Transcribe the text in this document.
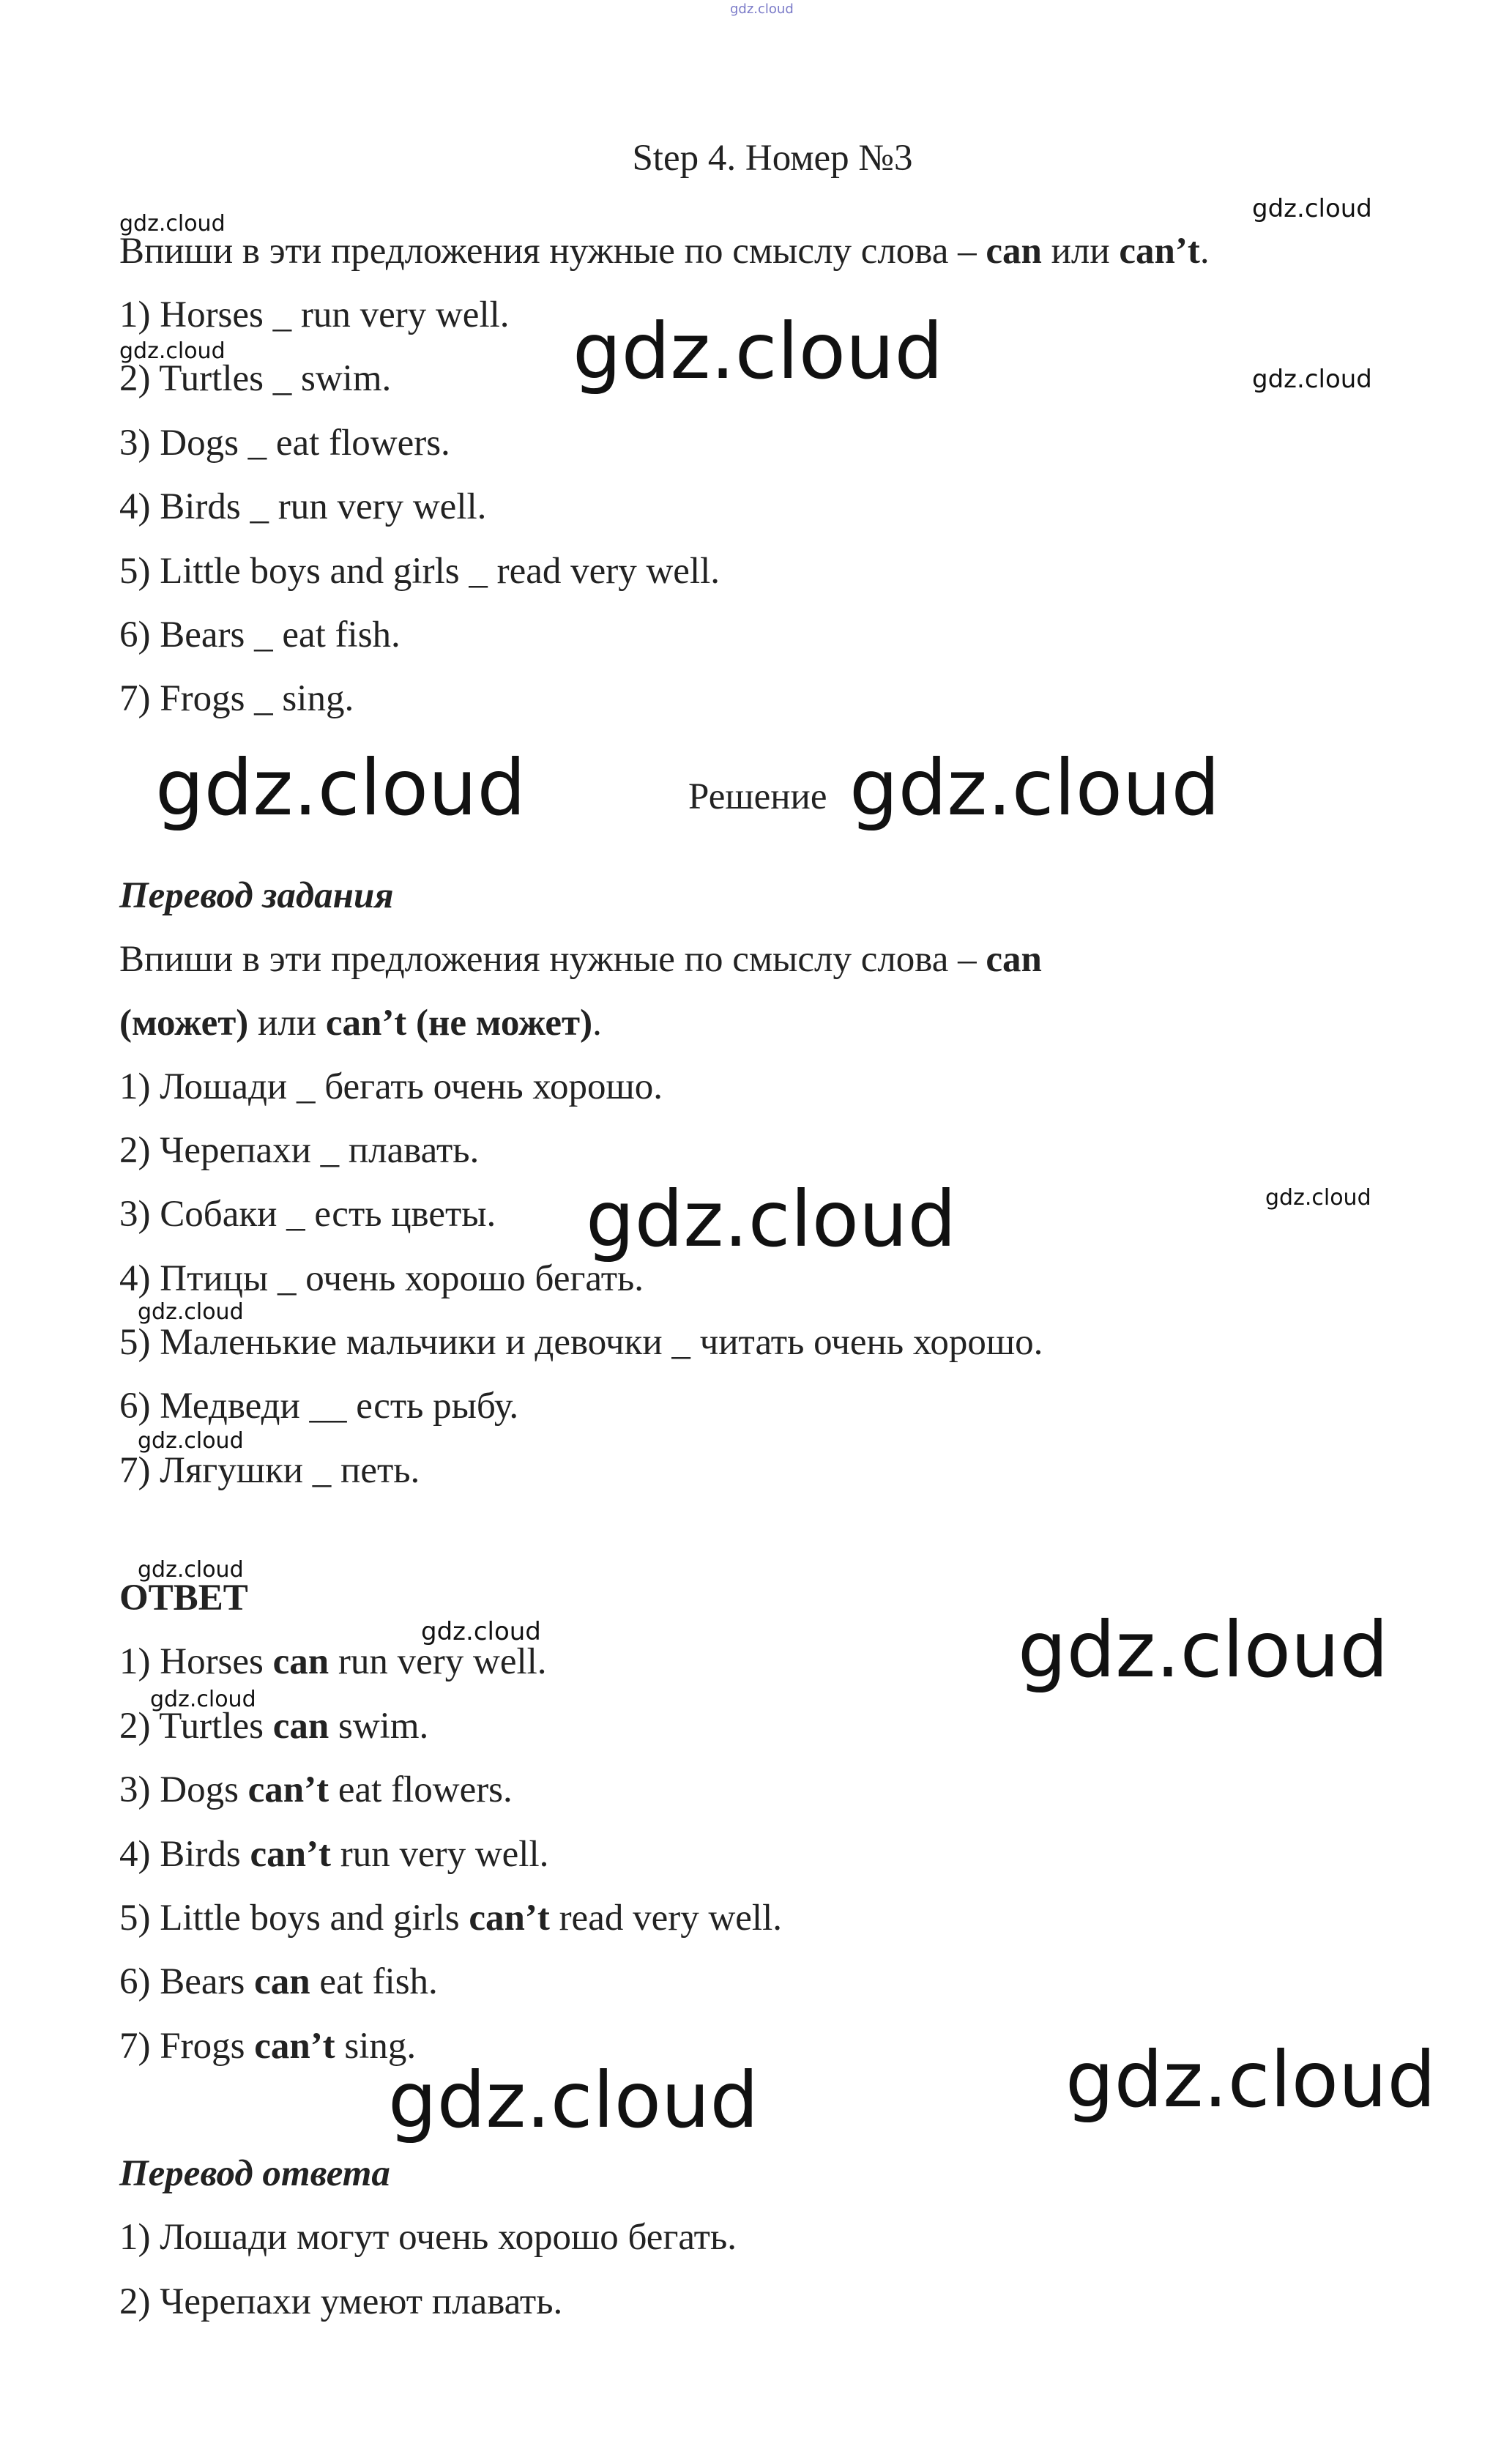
gdz.cloud
Step 4. Номер №3
Впиши в эти предложения нужные по смыслу слова – can или can’t.
1) Horses _ run very well.
2) Turtles _ swim.
3) Dogs _ eat flowers.
4) Birds _ run very well.
5) Little boys and girls _ read very well.
6) Bears _ eat fish.
7) Frogs _ sing.
Решение
Перевод задания
Впиши в эти предложения нужные по смыслу слова – can
(может) или can’t (не может).
1) Лошади _ бегать очень хорошо.
2) Черепахи _ плавать.
3) Собаки _ есть цветы.
4) Птицы _ очень хорошо бегать.
5) Маленькие мальчики и девочки _ читать очень хорошо.
6) Медведи __ есть рыбу.
7) Лягушки _ петь.
ОТВЕТ
1) Horses can run very well.
2) Turtles can swim.
3) Dogs can’t eat flowers.
4) Birds can’t run very well.
5) Little boys and girls can’t read very well.
6) Bears can eat fish.
7) Frogs can’t sing.
Перевод ответа
1) Лошади могут очень хорошо бегать.
2) Черепахи умеют плавать.
gdz.cloud
gdz.cloud
gdz.cloud	gdz.cloud	gdz.cloud
gdz.cloud	gdz.cloud
gdz.cloud	gdz.cloud
gdz.cloud
gdz.cloud
gdz.cloud
gdz.cloud	gdz.cloud
gdz.cloud
gdz.cloud	gdz.cloud
